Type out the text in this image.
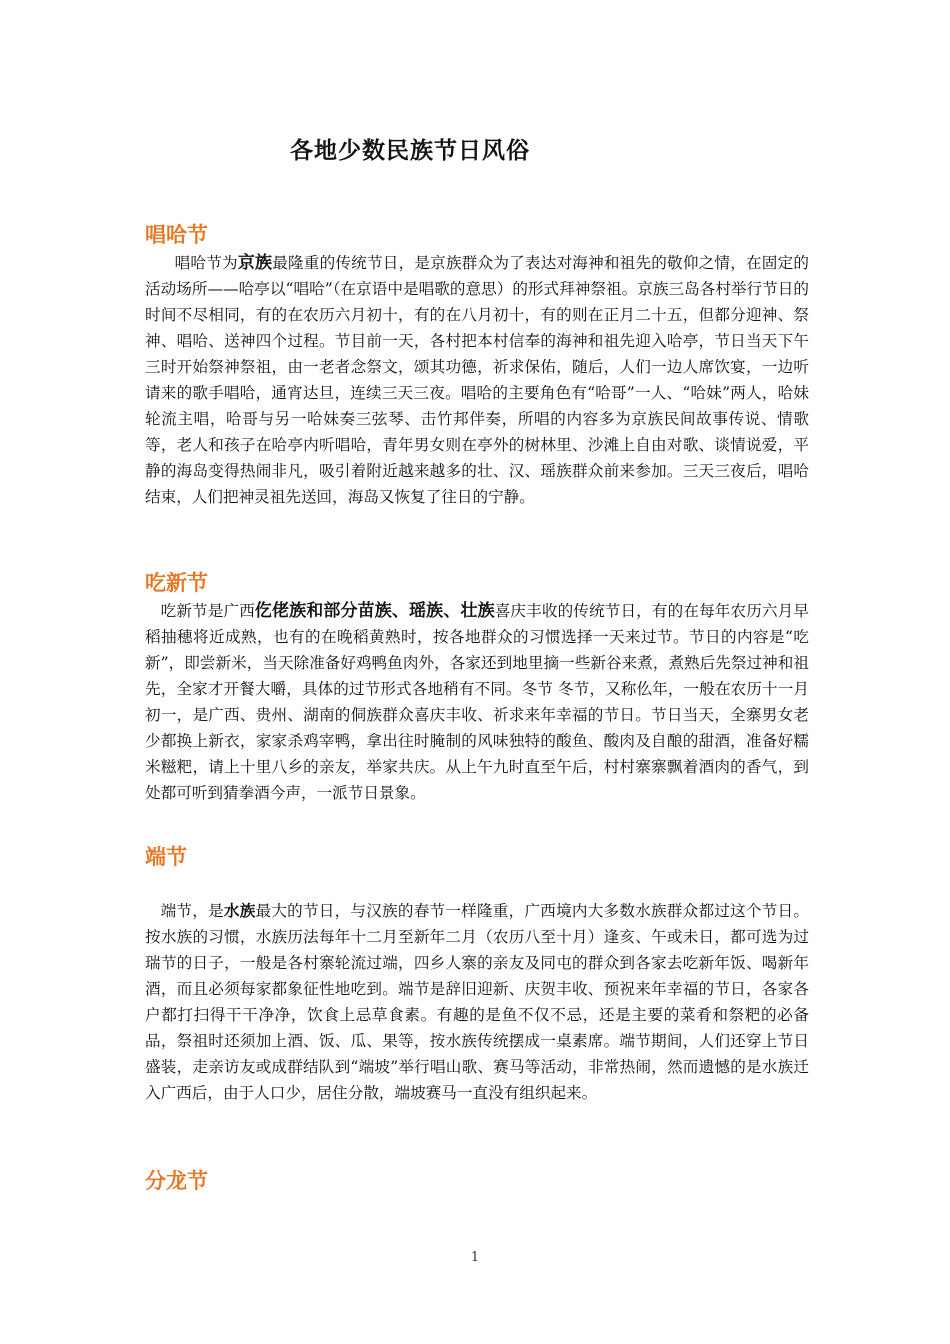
各地少数民族节日风俗
唱哈节

唱哈节为京族最隆重的传统节日，是京族群众为了表达对海神和祖先的敬仰之情，在固定的活动场所——哈亭以“唱哈”（在京语中是唱歌的意思）的形式拜神祭祖。京族三岛各村举行节日的时间不尽相同，有的在农历六月初十，有的在八月初十，有的则在正月二十五，但都分迎神、祭神、唱哈、送神四个过程。节目前一天，各村把本村信奉的海神和祖先迎入哈亭，节日当天下午三时开始祭神祭祖，由一老者念祭文，颂其功德，祈求保佑，随后，人们一边人席饮宴，一边听请来的歌手唱哈，通宵达旦，连续三天三夜。唱哈的主要角色有“哈哥”一人、“哈妹”两人，哈妹轮流主唱，哈哥与另一哈妹奏三弦琴、击竹邦伴奏，所唱的内容多为京族民间故事传说、情歌等，老人和孩子在哈亭内听唱哈，青年男女则在亭外的树林里、沙滩上自由对歌、谈情说爱，平静的海岛变得热闹非凡，吸引着附近越来越多的壮、汉、瑶族群众前来参加。三天三夜后，唱哈结束，人们把神灵祖先送回，海岛又恢复了往日的宁静。

吃新节

吃新节是广西仡佬族和部分苗族、瑶族、壮族喜庆丰收的传统节日，有的在每年农历六月早稻抽穗将近成熟，也有的在晚稻黄熟时，按各地群众的习惯选择一天来过节。节日的内容是“吃新”，即尝新米，当天除准备好鸡鸭鱼肉外，各家还到地里摘一些新谷来煮，煮熟后先祭过神和祖先，全家才开餐大嚼，具体的过节形式各地稍有不同。冬节 冬节，又称仫年，一般在农历十一月初一，是广西、贵州、湖南的侗族群众喜庆丰收、祈求来年幸福的节日。节日当天，全寨男女老少都换上新衣，家家杀鸡宰鸭，拿出往时腌制的风味独特的酸鱼、酸肉及自酿的甜酒，准备好糯米糍粑，请上十里八乡的亲友，举家共庆。从上午九时直至午后，村村寨寨飘着酒肉的香气，到处都可听到猜拳酒今声，一派节日景象。

端节

端节，是水族最大的节日，与汉族的春节一样隆重，广西境内大多数水族群众都过这个节日。按水族的习惯，水族历法每年十二月至新年二月（农历八至十月）逢亥、午或未日，都可选为过瑞节的日子，一般是各村寨轮流过端，四乡人寨的亲友及同屯的群众到各家去吃新年饭、喝新年酒，而且必须每家都象征性地吃到。端节是辞旧迎新、庆贺丰收、预祝来年幸福的节日，各家各户都打扫得干干净净，饮食上忌草食素。有趣的是鱼不仅不忌，还是主要的菜肴和祭粑的必备品，祭祖时还须加上酒、饭、瓜、果等，按水族传统摆成一桌素席。端节期间，人们还穿上节日盛装，走亲访友或成群结队到“端坡”举行唱山歌、赛马等活动，非常热闹，然而遗憾的是水族迁入广西后，由于人口少，居住分散，端坡赛马一直没有组织起来。

分龙节
1
